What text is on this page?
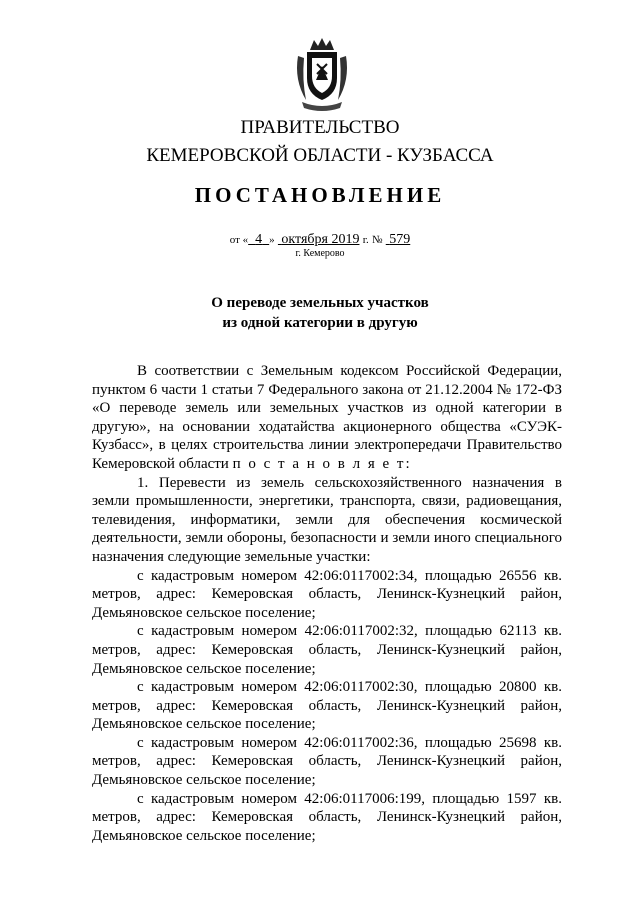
ПРАВИТЕЛЬСТВО
КЕМЕРОВСКОЙ ОБЛАСТИ - КУЗБАССА
ПОСТАНОВЛЕНИЕ
от « 4 » октября 2019 г. № 579
г. Кемерово
О переводе земельных участков
из одной категории в другую

В соответствии с Земельным кодексом Российской Федерации, пунктом 6 части 1 статьи 7 Федерального закона от 21.12.2004 № 172-ФЗ «О переводе земель или земельных участков из одной категории в другую», на основании ходатайства акционерного общества «СУЭК-Кузбасс», в целях строительства линии электропередачи Правительство Кемеровской области п о с т а н о в л я е т:

1. Перевести из земель сельскохозяйственного назначения в земли промышленности, энергетики, транспорта, связи, радиовещания, телевидения, информатики, земли для обеспечения космической деятельности, земли обороны, безопасности и земли иного специального назначения следующие земельные участки:

с кадастровым номером 42:06:0117002:34, площадью 26556 кв. метров, адрес: Кемеровская область, Ленинск-Кузнецкий район, Демьяновское сельское поселение;

с кадастровым номером 42:06:0117002:32, площадью 62113 кв. метров, адрес: Кемеровская область, Ленинск-Кузнецкий район, Демьяновское сельское поселение;

с кадастровым номером 42:06:0117002:30, площадью 20800 кв. метров, адрес: Кемеровская область, Ленинск-Кузнецкий район, Демьяновское сельское поселение;

с кадастровым номером 42:06:0117002:36, площадью 25698 кв. метров, адрес: Кемеровская область, Ленинск-Кузнецкий район, Демьяновское сельское поселение;

с кадастровым номером 42:06:0117006:199, площадью 1597 кв. метров, адрес: Кемеровская область, Ленинск-Кузнецкий район, Демьяновское сельское поселение;
